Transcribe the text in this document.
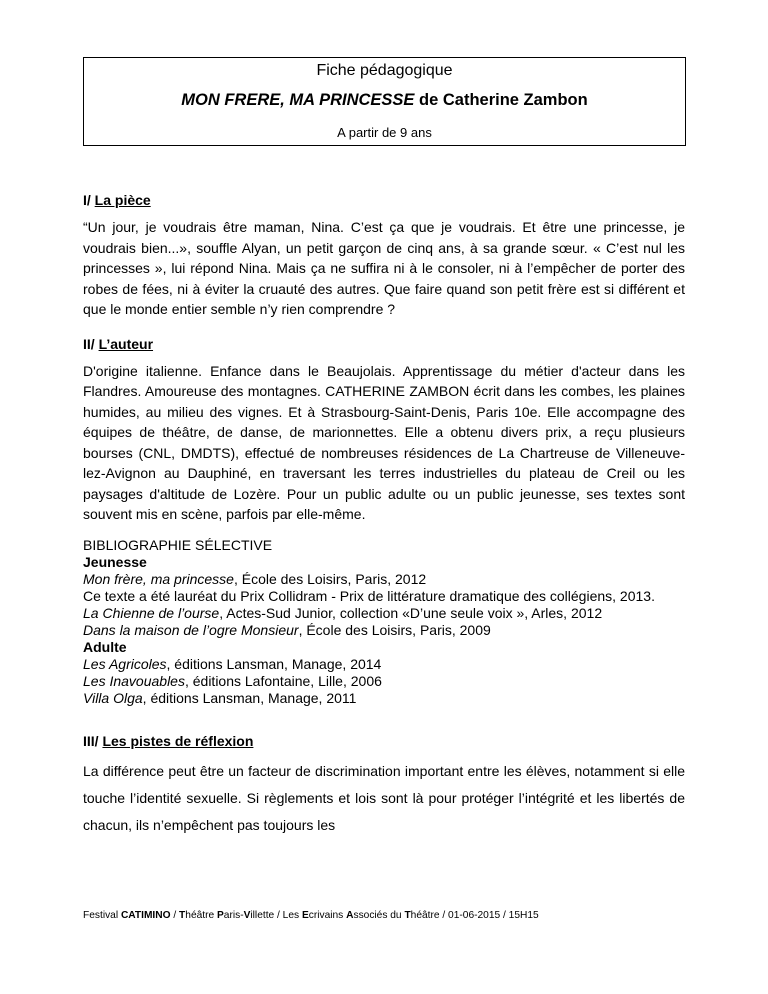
Fiche pédagogique
MON FRERE, MA PRINCESSE de Catherine Zambon
A partir de 9 ans

I/ La pièce

“Un jour, je voudrais être maman, Nina. C’est ça que je voudrais. Et être une princesse, je voudrais bien...», souffle Alyan, un petit garçon de cinq ans, à sa grande sœur. « C’est nul les princesses », lui répond Nina. Mais ça ne suffira ni à le consoler, ni à l’empêcher de porter des robes de fées, ni à éviter la cruauté des autres. Que faire quand son petit frère est si différent et que le monde entier semble n’y rien comprendre ?

II/ L’auteur

D'origine italienne. Enfance dans le Beaujolais. Apprentissage du métier d'acteur dans les Flandres. Amoureuse des montagnes. CATHERINE ZAMBON écrit dans les combes, les plaines humides, au milieu des vignes. Et à Strasbourg-Saint-Denis, Paris 10e. Elle accompagne des équipes de théâtre, de danse, de marionnettes. Elle a obtenu divers prix, a reçu plusieurs bourses (CNL, DMDTS), effectué de nombreuses résidences de La Chartreuse de Villeneuve-lez-Avignon au Dauphiné, en traversant les terres industrielles du plateau de Creil ou les paysages d'altitude de Lozère. Pour un public adulte ou un public jeunesse, ses textes sont souvent mis en scène, parfois par elle-même.

BIBLIOGRAPHIE SÉLECTIVE

Jeunesse

Mon frère, ma princesse, École des Loisirs, Paris, 2012

Ce texte a été lauréat du Prix Collidram - Prix de littérature dramatique des collégiens, 2013.

La Chienne de l’ourse, Actes-Sud Junior, collection «D’une seule voix », Arles, 2012

Dans la maison de l’ogre Monsieur, École des Loisirs, Paris, 2009

Adulte

Les Agricoles, éditions Lansman, Manage, 2014

Les Inavouables, éditions Lafontaine, Lille, 2006

Villa Olga, éditions Lansman, Manage, 2011

III/ Les pistes de réflexion

La différence peut être un facteur de discrimination important entre les élèves, notamment si elle touche l’identité sexuelle. Si règlements et lois sont là pour protéger l’intégrité et les libertés de chacun, ils n’empêchent pas toujours les

Festival CATIMINO / Théâtre Paris-Villette / Les Ecrivains Associés du Théâtre / 01-06-2015 / 15H15
